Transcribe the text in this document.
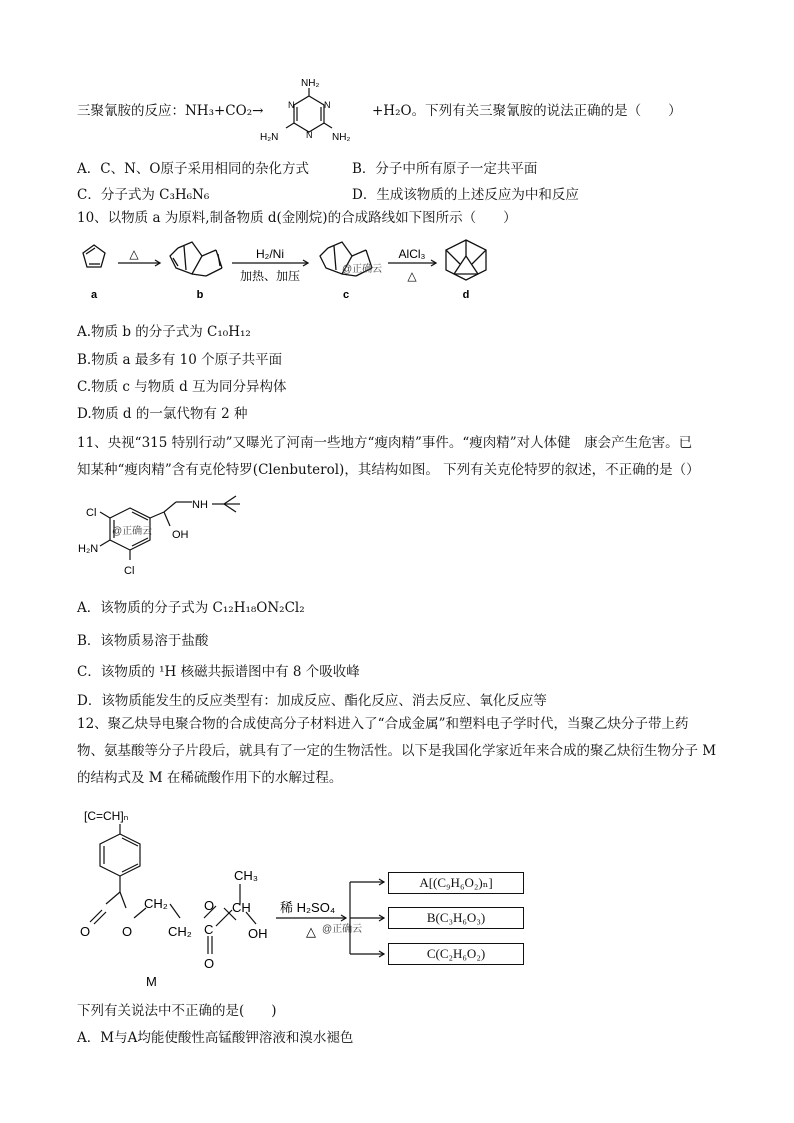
三聚氰胺的反应：NH₃+CO₂→
NH₂
H₂N	NH₂
N	N
N
+H₂O。下列有关三聚氰胺的说法正确的是（　　）
A．C、N、O原子采用相同的杂化方式	B．分子中所有原子一定共平面
C．分子式为 C₃H₆N₆	D．生成该物质的上述反应为中和反应
10、以物质 a 为原料,制备物质 d(金刚烷)的合成路线如下图所示（　　）
△	H₂/Ni
加热、加压
AlCl₃
△
@正确云
a	b	c	d
A.物质 b 的分子式为 C₁₀H₁₂
B.物质 a 最多有 10 个原子共平面
C.物质 c 与物质 d 互为同分异构体
D.物质 d 的一氯代物有 2 种
11、央视“315 特别行动”又曝光了河南一些地方“瘦肉精”事件。“瘦肉精”对人体健　康会产生危害。已
知某种“瘦肉精”含有克伦特罗(Clenbuterol)，其结构如图。 下列有关克伦特罗的叙述，不正确的是（）
Cl
Cl
H₂N
NH
OH
@正确云
A．该物质的分子式为 C₁₂H₁₈ON₂Cl₂
B．该物质易溶于盐酸
C．该物质的 ¹H 核磁共振谱图中有 8 个吸收峰
D．该物质能发生的反应类型有：加成反应、酯化反应、消去反应、氧化反应等
12、聚乙炔导电聚合物的合成使高分子材料进入了“合成金属”和塑料电子学时代，当聚乙炔分子带上药
物、氨基酸等分子片段后，就具有了一定的生物活性。以下是我国化学家近年来合成的聚乙炔衍生物分子 M
的结构式及 M 在稀硫酸作用下的水解过程。
[C=CH]ₙ
CH₃
CH
OH
CH₂
CH₂
O O
O
C
O
M
稀 H₂SO₄
△ @正确云
A[(C₉H₆O₂)ₙ]
B(C₃H₆O₃)
C(C₂H₆O₂)
下列有关说法中不正确的是(　　)
A．M与A均能使酸性高锰酸钾溶液和溴水褪色
